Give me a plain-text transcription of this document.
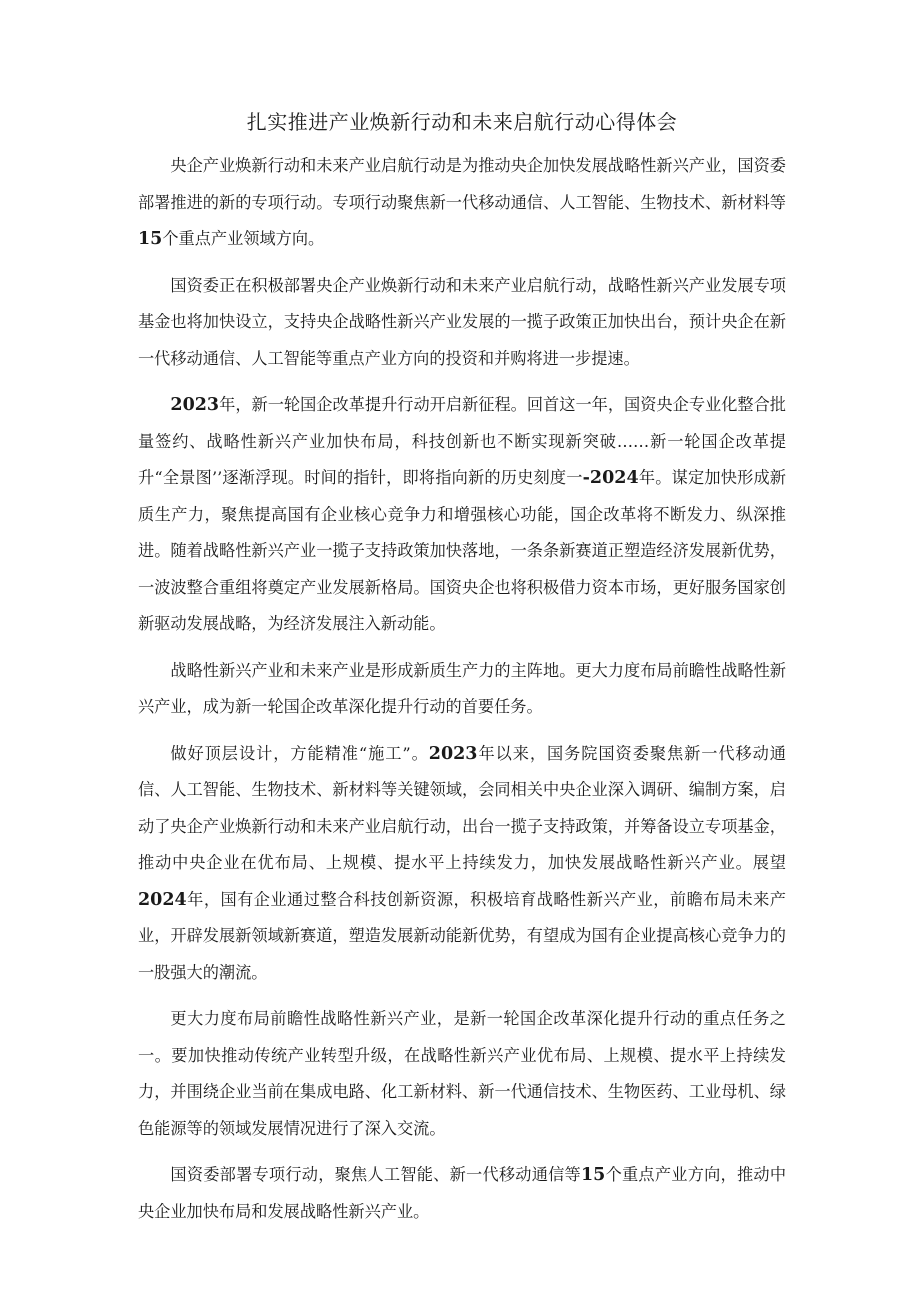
扎实推进产业焕新行动和未来启航行动心得体会

央企产业焕新行动和未来产业启航行动是为推动央企加快发展战略性新兴产业，国资委部署推进的新的专项行动。专项行动聚焦新一代移动通信、人工智能、生物技术、新材料等15个重点产业领域方向。

国资委正在积极部署央企产业焕新行动和未来产业启航行动，战略性新兴产业发展专项基金也将加快设立，支持央企战略性新兴产业发展的一揽子政策正加快出台，预计央企在新一代移动通信、人工智能等重点产业方向的投资和并购将进一步提速。

2023年，新一轮国企改革提升行动开启新征程。回首这一年，国资央企专业化整合批量签约、战略性新兴产业加快布局，科技创新也不断实现新突破……新一轮国企改革提升“全景图’’逐渐浮现。时间的指针，即将指向新的历史刻度一-2024年。谋定加快形成新质生产力，聚焦提高国有企业核心竞争力和增强核心功能，国企改革将不断发力、纵深推进。随着战略性新兴产业一揽子支持政策加快落地，一条条新赛道正塑造经济发展新优势，一波波整合重组将奠定产业发展新格局。国资央企也将积极借力资本市场，更好服务国家创新驱动发展战略，为经济发展注入新动能。

战略性新兴产业和未来产业是形成新质生产力的主阵地。更大力度布局前瞻性战略性新兴产业，成为新一轮国企改革深化提升行动的首要任务。

做好顶层设计，方能精准“施工”。2023年以来，国务院国资委聚焦新一代移动通信、人工智能、生物技术、新材料等关键领域，会同相关中央企业深入调研、编制方案，启动了央企产业焕新行动和未来产业启航行动，出台一揽子支持政策，并筹备设立专项基金，推动中央企业在优布局、上规模、提水平上持续发力，加快发展战略性新兴产业。展望2024年，国有企业通过整合科技创新资源，积极培育战略性新兴产业，前瞻布局未来产业，开辟发展新领域新赛道，塑造发展新动能新优势，有望成为国有企业提高核心竞争力的一股强大的潮流。

更大力度布局前瞻性战略性新兴产业，是新一轮国企改革深化提升行动的重点任务之一。要加快推动传统产业转型升级，在战略性新兴产业优布局、上规模、提水平上持续发力，并围绕企业当前在集成电路、化工新材料、新一代通信技术、生物医药、工业母机、绿色能源等的领域发展情况进行了深入交流。

国资委部署专项行动，聚焦人工智能、新一代移动通信等15个重点产业方向，推动中央企业加快布局和发展战略性新兴产业。
